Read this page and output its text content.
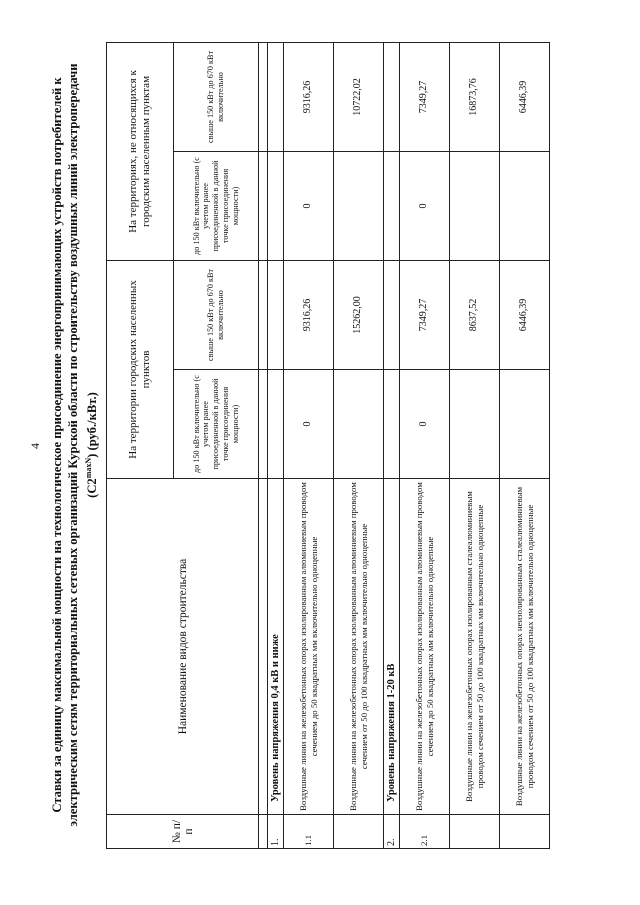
4 Ставки за единицу максимальной мощности на технологическое присоединение энергопринимающих устройств потребителей к электрическим сетям территориальных сетевых организаций Курской области по строительству воздушных линий электропередачи $(С2^{maxN})$ (руб./кВт.)
№ п/п	Наименование видов строительства	На территории городских населенных пунктов		На территориях, не относящихся к городским населенным пунктам	
		до 150 кВт включительно (с учетом ранее присоединенной в данной точке присоединения мощности)	свыше 150 кВт до 670 кВт включительно	до 150 кВт включительно (с учетом ранее присоединенной в данной точке присоединения мощности)	свыше 150 кВт до 670 кВт включительно

1.	Уровень напряжения 0,4 кВ и ниже				
1.1	Воздушные линии на железобетонных опорах изолированным алюминиевым проводом сечением до 50 квадратных мм включительно одноцепные	0	9316,26	0	9316,26
	Воздушные линии на железобетонных опорах изолированным алюминиевым проводом сечением от 50 до 100 квадратных мм включительно одноцепные		15262,00		10722,02
2.	Уровень напряжения 1-20 кВ				
2.1	Воздушные линии на железобетонных опорах изолированным алюминиевым проводом сечением до 50 квадратных мм включительно одноцепные	0	7349,27	0	7349,27
	Воздушные линии на железобетонных опорах изолированным сталеалюминиевым проводом сечением от 50 до 100 квадратных мм включительно одноцепные		8637,52		16873,76
	Воздушные линии на железобетонных опорах неизолированным сталеалюминиевым проводом сечением от 50 до 100 квадратных мм включительно одноцепные		6446,39		6446,39
